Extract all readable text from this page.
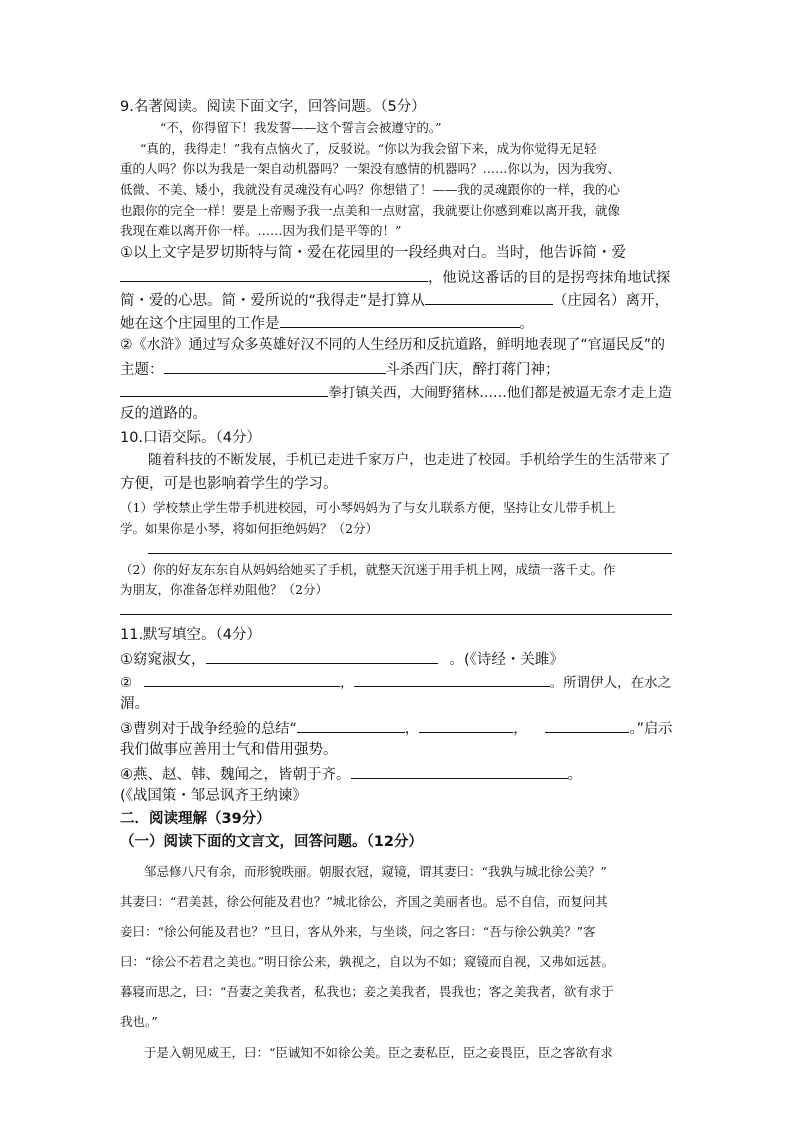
9.名著阅读。阅读下面文字，回答问题。（5分）
“不，你得留下！我发誓——这个誓言会被遵守的。”
“真的，我得走！”我有点恼火了，反驳说。“你以为我会留下来，成为你觉得无足轻
重的人吗？你以为我是一架自动机器吗？一架没有感情的机器吗？……你以为，因为我穷、
低微、不美、矮小，我就没有灵魂没有心吗？你想错了！——我的灵魂跟你的一样，我的心
也跟你的完全一样！要是上帝赐予我一点美和一点财富，我就要让你感到难以离开我，就像
我现在难以离开你一样。……因为我们是平等的！”
①以上文字是罗切斯特与简・爱在花园里的一段经典对白。当时，他告诉简・爱
，他说这番话的目的是拐弯抹角地试探
简・爱的心思。简・爱所说的“我得走”是打算从	（庄园名）离开，
她在这个庄园里的工作是	。
②《水浒》通过写众多英雄好汉不同的人生经历和反抗道路，鲜明地表现了“官逼民反”的
主题：	斗杀西门庆，醉打蒋门神；
拳打镇关西，大闹野猪林……他们都是被逼无奈才走上造
反的道路的。
10.口语交际。（4分）
随着科技的不断发展，手机已走进千家万户，也走进了校园。手机给学生的生活带来了
方便，可是也影响着学生的学习。
（1）学校禁止学生带手机进校园，可小琴妈妈为了与女儿联系方便，坚持让女儿带手机上
学。如果你是小琴，将如何拒绝妈妈？（2分）
（2）你的好友东东自从妈妈给她买了手机，就整天沉迷于用手机上网，成绩一落千丈。作
为朋友，你准备怎样劝阻他？（2分）
11.默写填空。（4分）
①窈窕淑女，	。(《诗经・关雎》
②	，	。所谓伊人，在水之
湄。
③曹刿对于战争经验的总结“	，	，	。”启示
我们做事应善用士气和借用强势。
④燕、赵、韩、魏闻之，皆朝于齐。	。
(《战国策・邹忌讽齐王纳谏》
二．阅读理解（39分）
（一）阅读下面的文言文，回答问题。（12分）
邹忌修八尺有余，而形貌昳丽。朝服衣冠，窥镜，谓其妻曰：“我孰与城北徐公美？”
其妻曰：“君美甚，徐公何能及君也？”城北徐公，齐国之美丽者也。忌不自信，而复问其
妾曰：“徐公何能及君也？”旦日，客从外来，与坐谈，问之客曰：“吾与徐公孰美？”客
曰：“徐公不若君之美也。”明日徐公来，孰视之，自以为不如；窥镜而自视，又弗如远甚。
暮寝而思之，曰：“吾妻之美我者，私我也；妾之美我者，畏我也；客之美我者，欲有求于
我也。”
于是入朝见威王，曰：“臣诚知不如徐公美。臣之妻私臣，臣之妾畏臣，臣之客欲有求
